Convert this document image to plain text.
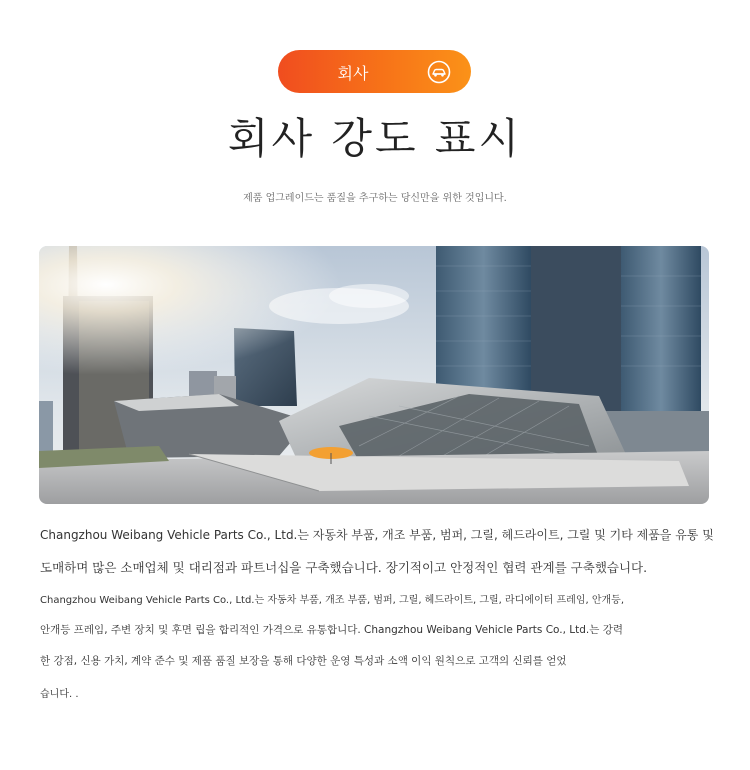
회사
회사 강도 표시
제품 업그레이드는 품질을 추구하는 당신만을 위한 것입니다.

Changzhou Weibang Vehicle Parts Co., Ltd.는 자동차 부품, 개조 부품, 범퍼, 그릴, 헤드라이트, 그릴 및 기타 제품을 유통 및

도매하며 많은 소매업체 및 대리점과 파트너십을 구축했습니다. 장기적이고 안정적인 협력 관계를 구축했습니다.

Changzhou Weibang Vehicle Parts Co., Ltd.는 자동차 부품, 개조 부품, 범퍼, 그릴, 헤드라이트, 그릴, 라디에이터 프레임, 안개등,

안개등 프레임, 주변 장치 및 후면 립을 합리적인 가격으로 유통합니다. Changzhou Weibang Vehicle Parts Co., Ltd.는 강력

한 강점, 신용 가치, 계약 준수 및 제품 품질 보장을 통해 다양한 운영 특성과 소액 이익 원칙으로 고객의 신뢰를 얻었

습니다. .
